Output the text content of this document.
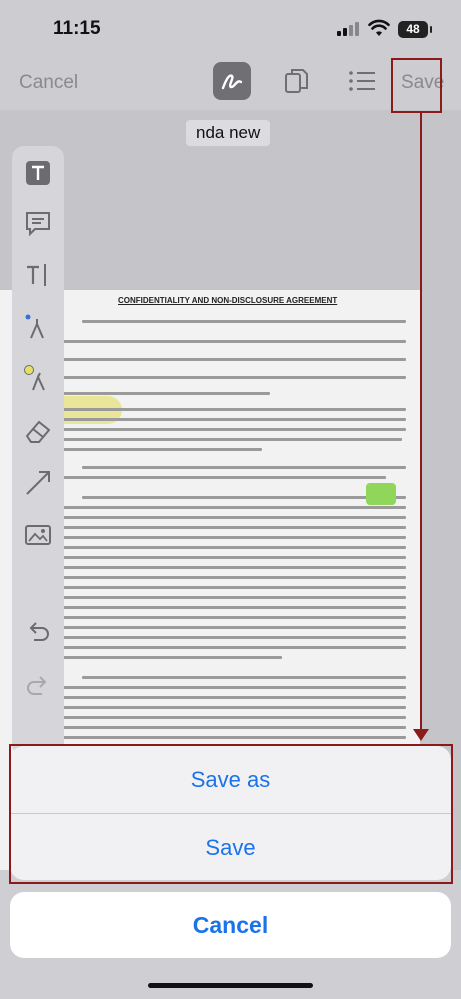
11:15	48
Cancel	Save
nda new
CONFIDENTIALITY AND NON-DISCLOSURE AGREEMENT
Save as
Save
Cancel
